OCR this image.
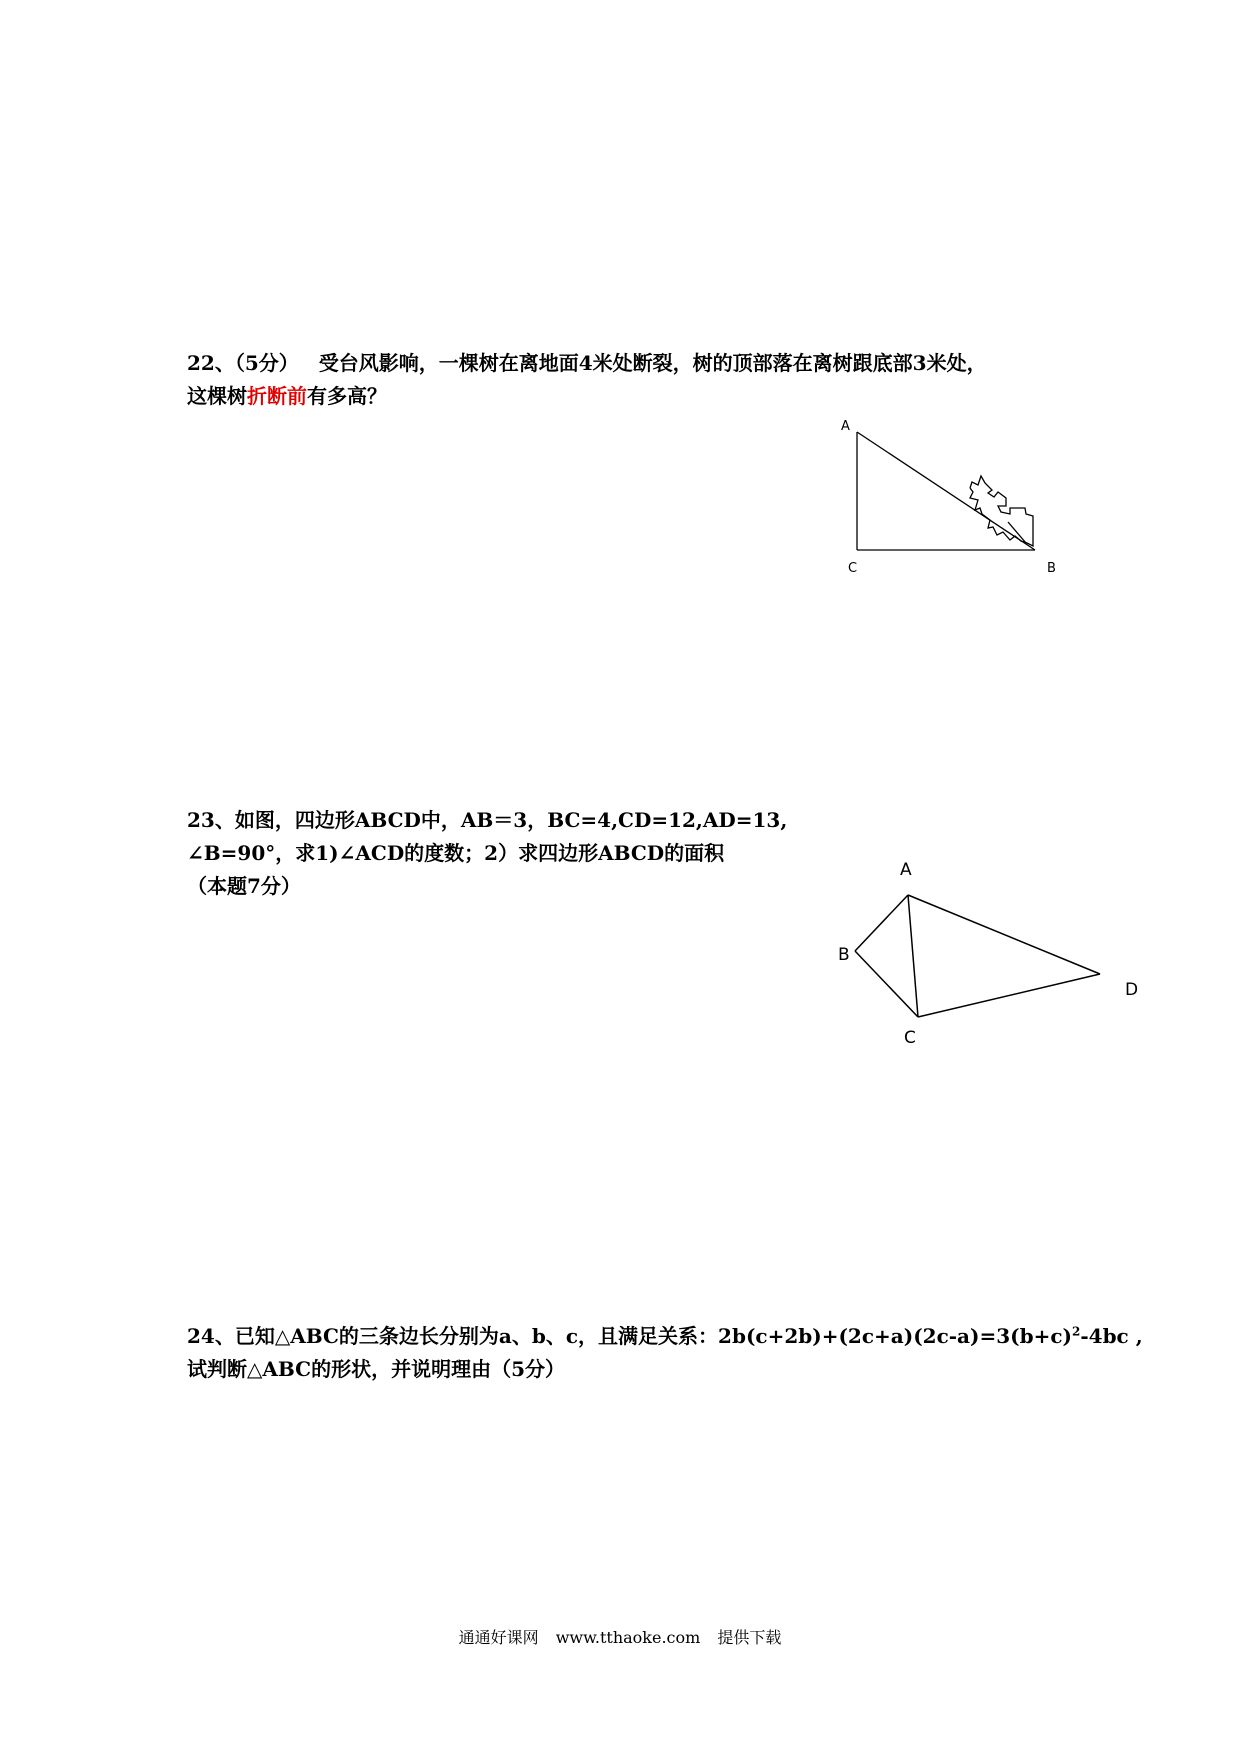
22、（5分） 受台风影响，一棵树在离地面4米处断裂，树的顶部落在离树跟底部3米处，
这棵树折断前有多高？
A
C	B
23、如图，四边形ABCD中，AB＝3，BC=4,CD=12,AD=13,
∠B=90°，求1)∠ACD的度数；2）求四边形ABCD的面积
（本题7分）
A
B
C
D
24、已知△ABC的三条边长分别为a、b、c，且满足关系：$2b(c+2b)+(2c+a)(2c-a)=3(b+c)^2-4bc$ ,
试判断△ABC的形状，并说明理由（5分）
通通好课网 www.tthaoke.com 提供下载
